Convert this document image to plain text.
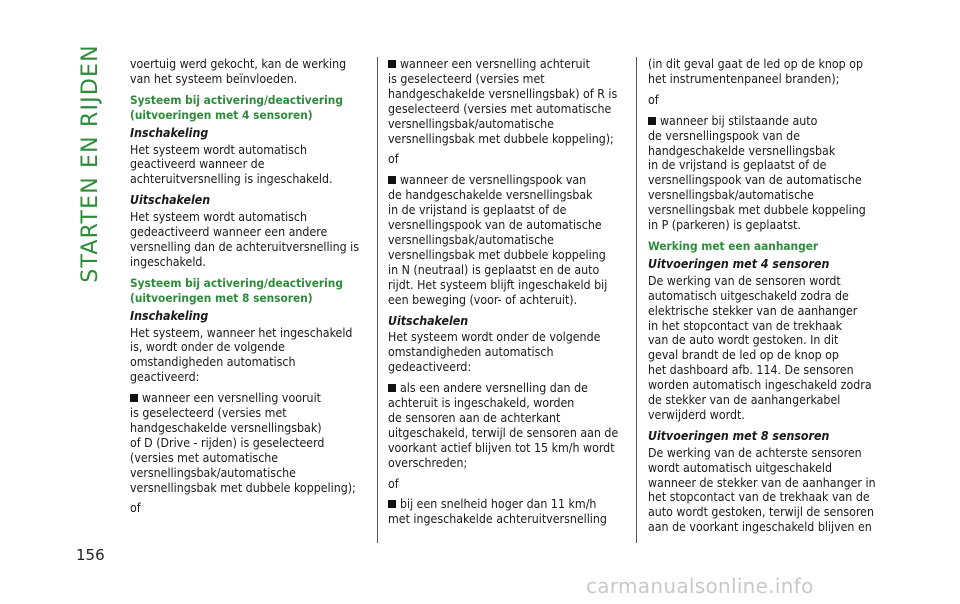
STARTEN EN RIJDEN voertuig werd gekocht, kan de werking
van het systeem beïnvloeden.

Systeem bij activering/deactivering
(uitvoeringen met 4 sensoren)

Inschakeling

Het systeem wordt automatisch
geactiveerd wanneer de
achteruitversnelling is ingeschakeld.

Uitschakelen

Het systeem wordt automatisch
gedeactiveerd wanneer een andere
versnelling dan de achteruitversnelling is
ingeschakeld.

Systeem bij activering/deactivering
(uitvoeringen met 8 sensoren)

Inschakeling

Het systeem, wanneer het ingeschakeld
is, wordt onder de volgende
omstandigheden automatisch
geactiveerd:

wanneer een versnelling vooruit
is geselecteerd (versies met
handgeschakelde versnellingsbak)
of D (Drive - rijden) is geselecteerd
(versies met automatische
versnellingsbak/automatische
versnellingsbak met dubbele koppeling);

of

wanneer een versnelling achteruit
is geselecteerd (versies met
handgeschakelde versnellingsbak) of R is
geselecteerd (versies met automatische
versnellingsbak/automatische
versnellingsbak met dubbele koppeling);

of

wanneer de versnellingspook van
de handgeschakelde versnellingsbak
in de vrijstand is geplaatst of de
versnellingspook van de automatische
versnellingsbak/automatische
versnellingsbak met dubbele koppeling
in N (neutraal) is geplaatst en de auto
rijdt. Het systeem blijft ingeschakeld bij
een beweging (voor- of achteruit).

Uitschakelen

Het systeem wordt onder de volgende
omstandigheden automatisch
gedeactiveerd:

als een andere versnelling dan de
achteruit is ingeschakeld, worden
de sensoren aan de achterkant
uitgeschakeld, terwijl de sensoren aan de
voorkant actief blijven tot 15 km/h wordt
overschreden;

of

bij een snelheid hoger dan 11 km/h
met ingeschakelde achteruitversnelling

(in dit geval gaat de led op de knop op
het instrumentenpaneel branden);

of

wanneer bij stilstaande auto
de versnellingspook van de
handgeschakelde versnellingsbak
in de vrijstand is geplaatst of de
versnellingspook van de automatische
versnellingsbak/automatische
versnellingsbak met dubbele koppeling
in P (parkeren) is geplaatst.

Werking met een aanhanger

Uitvoeringen met 4 sensoren

De werking van de sensoren wordt
automatisch uitgeschakeld zodra de
elektrische stekker van de aanhanger
in het stopcontact van de trekhaak
van de auto wordt gestoken. In dit
geval brandt de led op de knop op
het dashboard afb. 114. De sensoren
worden automatisch ingeschakeld zodra
de stekker van de aanhangerkabel
verwijderd wordt.

Uitvoeringen met 8 sensoren

De werking van de achterste sensoren
wordt automatisch uitgeschakeld
wanneer de stekker van de aanhanger in
het stopcontact van de trekhaak van de
auto wordt gestoken, terwijl de sensoren
aan de voorkant ingeschakeld blijven en

156
carmanualsonline.info
